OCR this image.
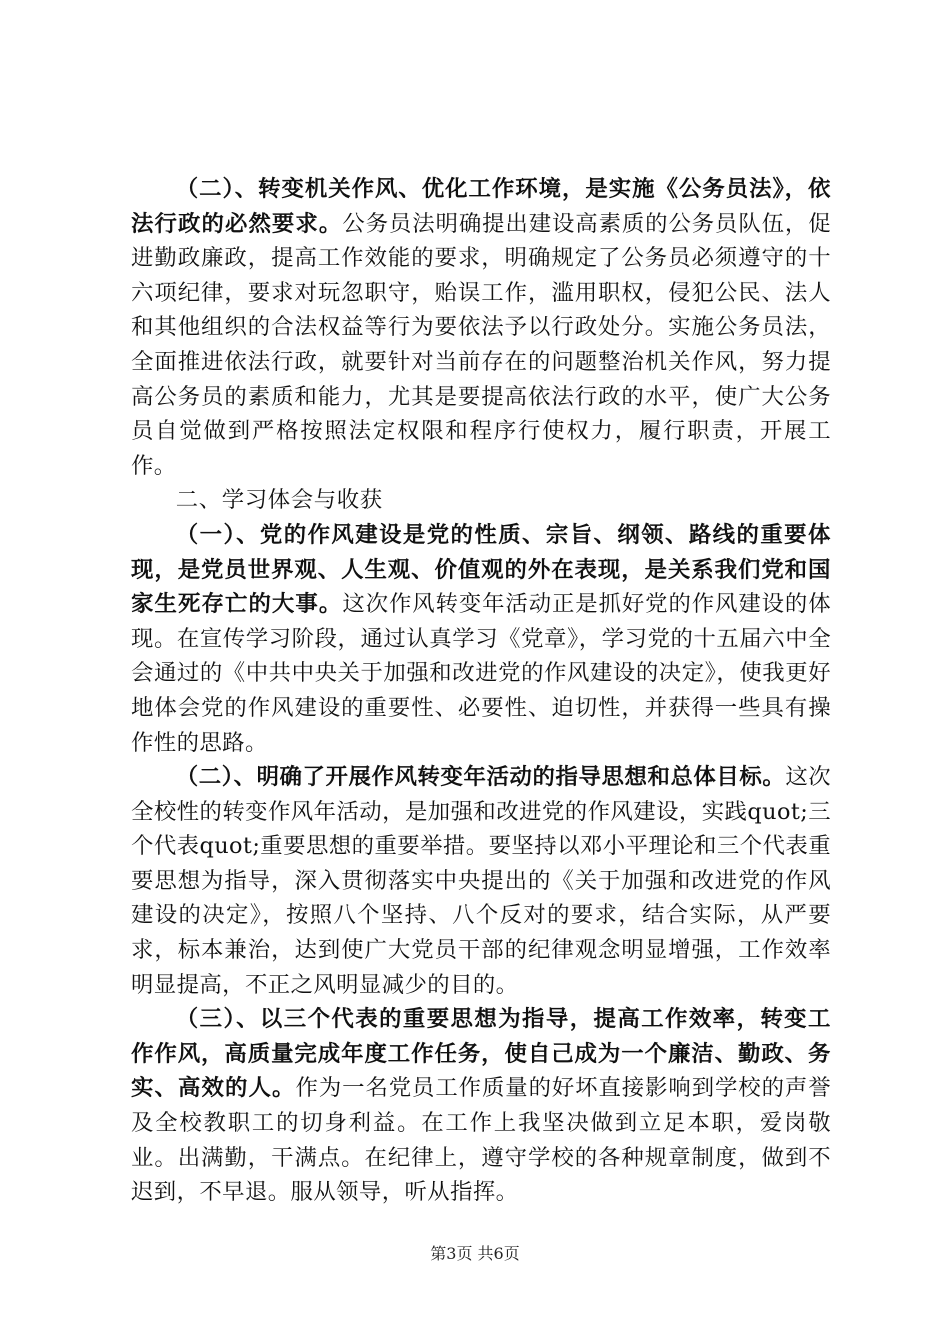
（二）、转变机关作风、优化工作环境，是实施《公务员法》，依法行政的必然要求。公务员法明确提出建设高素质的公务员队伍，促进勤政廉政，提高工作效能的要求，明确规定了公务员必须遵守的十六项纪律，要求对玩忽职守，贻误工作，滥用职权，侵犯公民、法人和其他组织的合法权益等行为要依法予以行政处分。实施公务员法，全面推进依法行政，就要针对当前存在的问题整治机关作风，努力提高公务员的素质和能力，尤其是要提高依法行政的水平，使广大公务员自觉做到严格按照法定权限和程序行使权力，履行职责，开展工作。

二、学习体会与收获

（一）、党的作风建设是党的性质、宗旨、纲领、路线的重要体现，是党员世界观、人生观、价值观的外在表现，是关系我们党和国家生死存亡的大事。这次作风转变年活动正是抓好党的作风建设的体现。在宣传学习阶段，通过认真学习《党章》，学习党的十五届六中全会通过的《中共中央关于加强和改进党的作风建设的决定》，使我更好地体会党的作风建设的重要性、必要性、迫切性，并获得一些具有操作性的思路。

（二）、明确了开展作风转变年活动的指导思想和总体目标。这次全校性的转变作风年活动，是加强和改进党的作风建设，实践quot;三个代表quot;重要思想的重要举措。要坚持以邓小平理论和三个代表重要思想为指导，深入贯彻落实中央提出的《关于加强和改进党的作风建设的决定》，按照八个坚持、八个反对的要求，结合实际，从严要求，标本兼治，达到使广大党员干部的纪律观念明显增强，工作效率明显提高，不正之风明显减少的目的。

（三）、以三个代表的重要思想为指导，提高工作效率，转变工作作风，高质量完成年度工作任务，使自己成为一个廉洁、勤政、务实、高效的人。作为一名党员工作质量的好坏直接影响到学校的声誉及全校教职工的切身利益。在工作上我坚决做到立足本职，爱岗敬业。出满勤，干满点。在纪律上，遵守学校的各种规章制度，做到不迟到，不早退。服从领导，听从指挥。

第3页 共6页
